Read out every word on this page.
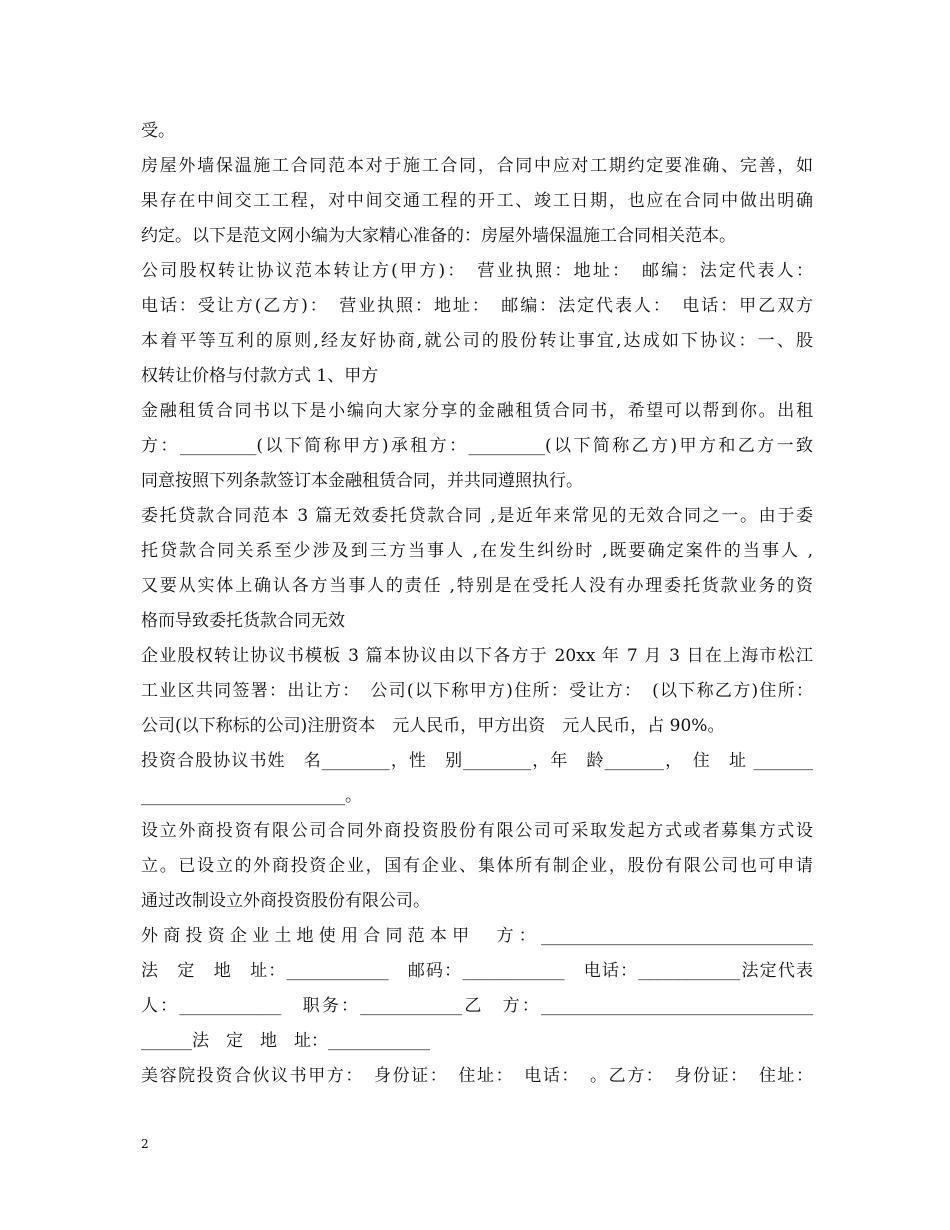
受。
房屋外墙保温施工合同范本对于施工合同，合同中应对工期约定要准确、完善，如
果存在中间交工工程，对中间交通工程的开工、竣工日期，也应在合同中做出明确
约定。以下是范文网小编为大家精心准备的：房屋外墙保温施工合同相关范本。
公司股权转让协议范本转让方(甲方)：　营业执照：地址：　邮编：法定代表人：
电话：受让方(乙方)：　营业执照：地址：　邮编：法定代表人：　电话：甲乙双方
本着平等互利的原则,经友好协商,就公司的股份转让事宜,达成如下协议：一、股
权转让价格与付款方式 1、甲方
金融租赁合同书以下是小编向大家分享的金融租赁合同书，希望可以帮到你。出租
方：_________(以下简称甲方)承租方：_________(以下简称乙方)甲方和乙方一致
同意按照下列条款签订本金融租赁合同，并共同遵照执行。
委托贷款合同范本 3 篇无效委托贷款合同 ,是近年来常见的无效合同之一。由于委
托贷款合同关系至少涉及到三方当事人 ,在发生纠纷时 ,既要确定案件的当事人 ,
又要从实体上确认各方当事人的责任 ,特别是在受托人没有办理委托货款业务的资
格而导致委托货款合同无效
企业股权转让协议书模板 3 篇本协议由以下各方于 20xx 年 7 月 3 日在上海市松江
工业区共同签署：出让方：　公司(以下称甲方)住所：受让方：　(以下称乙方)住所：
公司(以下称标的公司)注册资本　元人民币，甲方出资　元人民币，占 90%。
投资合股协议书姓　名________，性　别________，年　龄_______，　住　址 _______
________________________。
设立外商投资有限公司合同外商投资股份有限公司可采取发起方式或者募集方式设
立。已设立的外商投资企业，国有企业、集体所有制企业，股份有限公司也可申请
通过改制设立外商投资股份有限公司。
外商投资企业土地使用合同范本甲　方：________________________________
法　定　地　址：____________　邮码：____________　电话：____________法定代表
人：____________　职务：____________乙　方：________________________________
______法　定　地　址：____________
美容院投资合伙议书甲方：　身份证：　住址：　电话：　。乙方：　身份证：　住址：
2
